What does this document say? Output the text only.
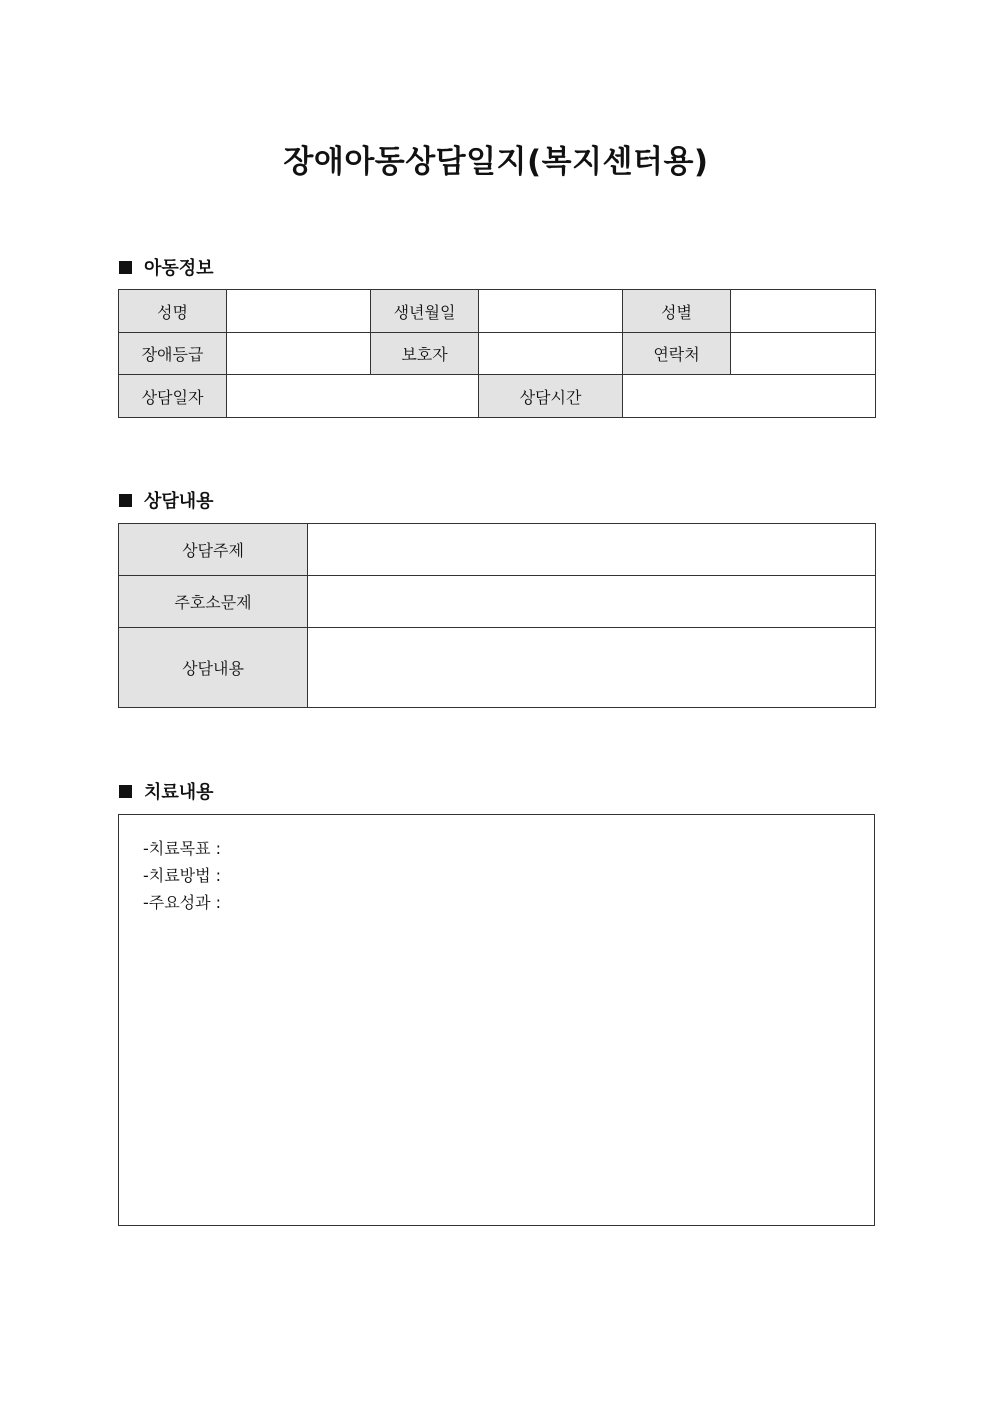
장애아동상담일지(복지센터용)
아동정보
성명		생년월일		성별	
장애등급		보호자		연락처	
상담일자			상담시간		
상담내용
상담주제	
주호소문제	
상담내용	
치료내용
-치료목표 :
-치료방법 :
-주요성과 :
